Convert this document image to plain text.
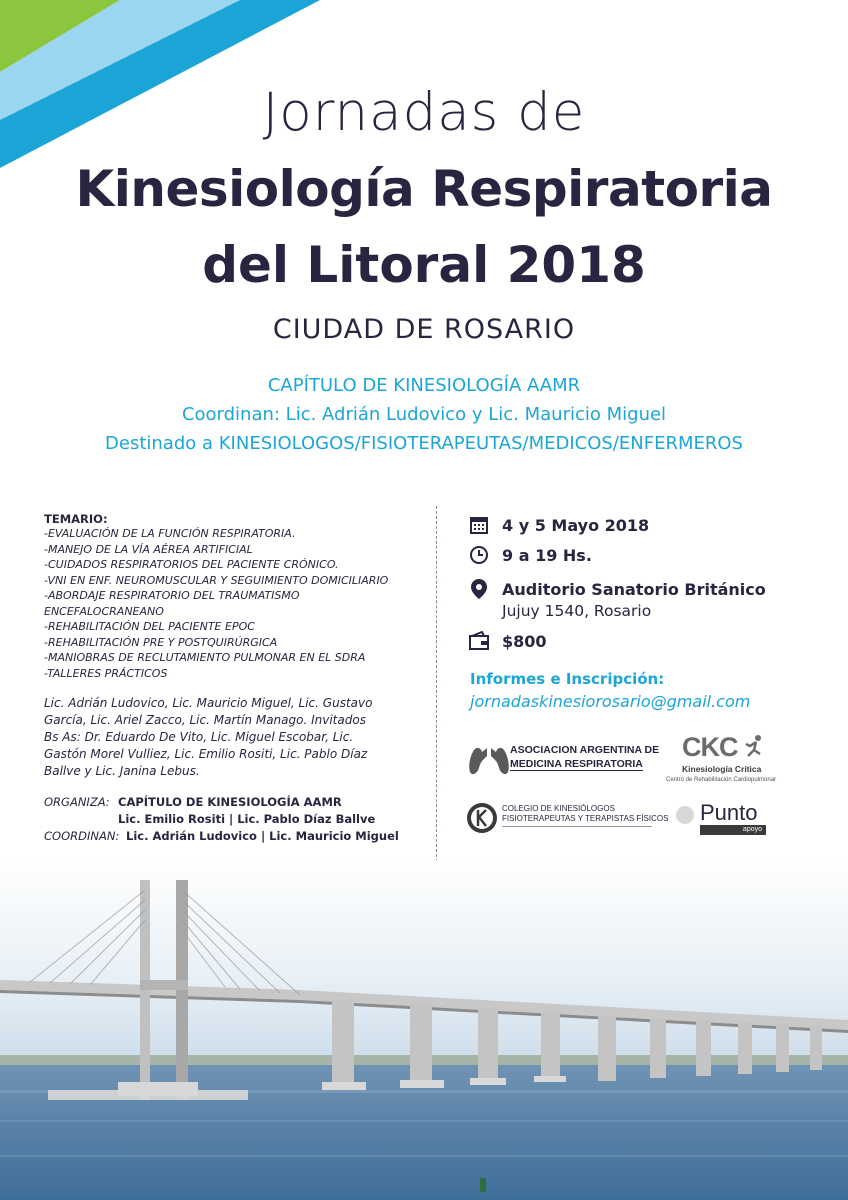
Jornadas de
Kinesiología Respiratoria
del Litoral 2018
CIUDAD DE ROSARIO
CAPÍTULO DE KINESIOLOGÍA AAMR
Coordinan: Lic. Adrián Ludovico y Lic. Mauricio Miguel
Destinado a KINESIOLOGOS/FISIOTERAPEUTAS/MEDICOS/ENFERMEROS
TEMARIO:
-EVALUACIÓN DE LA FUNCIÓN RESPIRATORIA.
-MANEJO DE LA VÍA AÉREA ARTIFICIAL
-CUIDADOS RESPIRATORIOS DEL PACIENTE CRÓNICO.
-VNI EN ENF. NEUROMUSCULAR Y SEGUIMIENTO DOMICILIARIO
-ABORDAJE RESPIRATORIO DEL TRAUMATISMO
ENCEFALOCRANEANO
-REHABILITACIÓN DEL PACIENTE EPOC
-REHABILITACIÓN PRE Y POSTQUIRÚRGICA
-MANIOBRAS DE RECLUTAMIENTO PULMONAR EN EL SDRA
-TALLERES PRÁCTICOS
Lic. Adrián Ludovico, Lic. Mauricio Miguel, Lic. Gustavo García, Lic. Ariel Zacco, Lic. Martín Manago. Invitados Bs As: Dr. Eduardo De Vito, Lic. Miguel Escobar, Lic. Gastón Morel Vulliez, Lic. Emilio Rositi, Lic. Pablo Díaz Ballve y Lic. Janina Lebus.
ORGANIZA: CAPÍTULO DE KINESIOLOGÍA AAMR
Lic. Emilio Rositi | Lic. Pablo Díaz Ballve
COORDINAN: Lic. Adrián Ludovico | Lic. Mauricio Miguel
4 y 5 Mayo 2018
9 a 19 Hs.
Auditorio Sanatorio Británico
Jujuy 1540, Rosario
$800
Informes e Inscripción:
jornadaskinesiorosario@gmail.com
ASOCIACION ARGENTINA DE
MEDICINA RESPIRATORIA
CKC
Kinesiología Crítica
Centro de Rehabilitación Cardiopulmonar
COLEGIO DE KINESIÓLOGOS
FISIOTERAPEUTAS Y TERAPISTAS FÍSICOS Punto
apoyo
